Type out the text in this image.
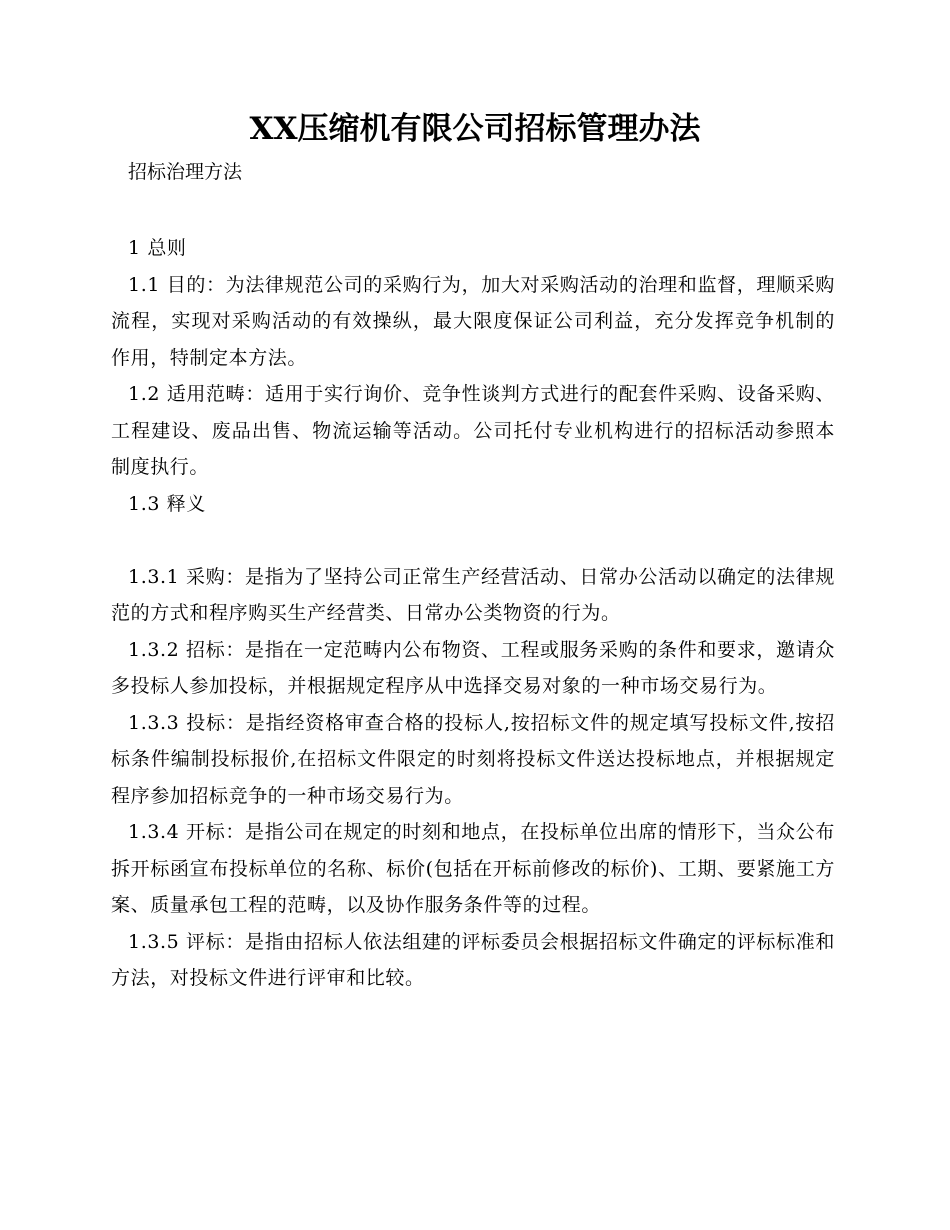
XX压缩机有限公司招标管理办法

招标治理方法

1 总则

1.1 目的：为法律规范公司的采购行为，加大对采购活动的治理和监督，理顺采购流程，实现对采购活动的有效操纵，最大限度保证公司利益，充分发挥竞争机制的作用，特制定本方法。

1.2 适用范畴：适用于实行询价、竞争性谈判方式进行的配套件采购、设备采购、工程建设、废品出售、物流运输等活动。公司托付专业机构进行的招标活动参照本制度执行。

1.3 释义

1.3.1 采购：是指为了坚持公司正常生产经营活动、日常办公活动以确定的法律规范的方式和程序购买生产经营类、日常办公类物资的行为。

1.3.2 招标：是指在一定范畴内公布物资、工程或服务采购的条件和要求，邀请众多投标人参加投标，并根据规定程序从中选择交易对象的一种市场交易行为。

1.3.3 投标：是指经资格审查合格的投标人,按招标文件的规定填写投标文件,按招标条件编制投标报价,在招标文件限定的时刻将投标文件送达投标地点，并根据规定程序参加招标竞争的一种市场交易行为。

1.3.4 开标：是指公司在规定的时刻和地点，在投标单位出席的情形下，当众公布拆开标函宣布投标单位的名称、标价(包括在开标前修改的标价)、工期、要紧施工方案、质量承包工程的范畴，以及协作服务条件等的过程。

1.3.5 评标：是指由招标人依法组建的评标委员会根据招标文件确定的评标标准和方法，对投标文件进行评审和比较。
